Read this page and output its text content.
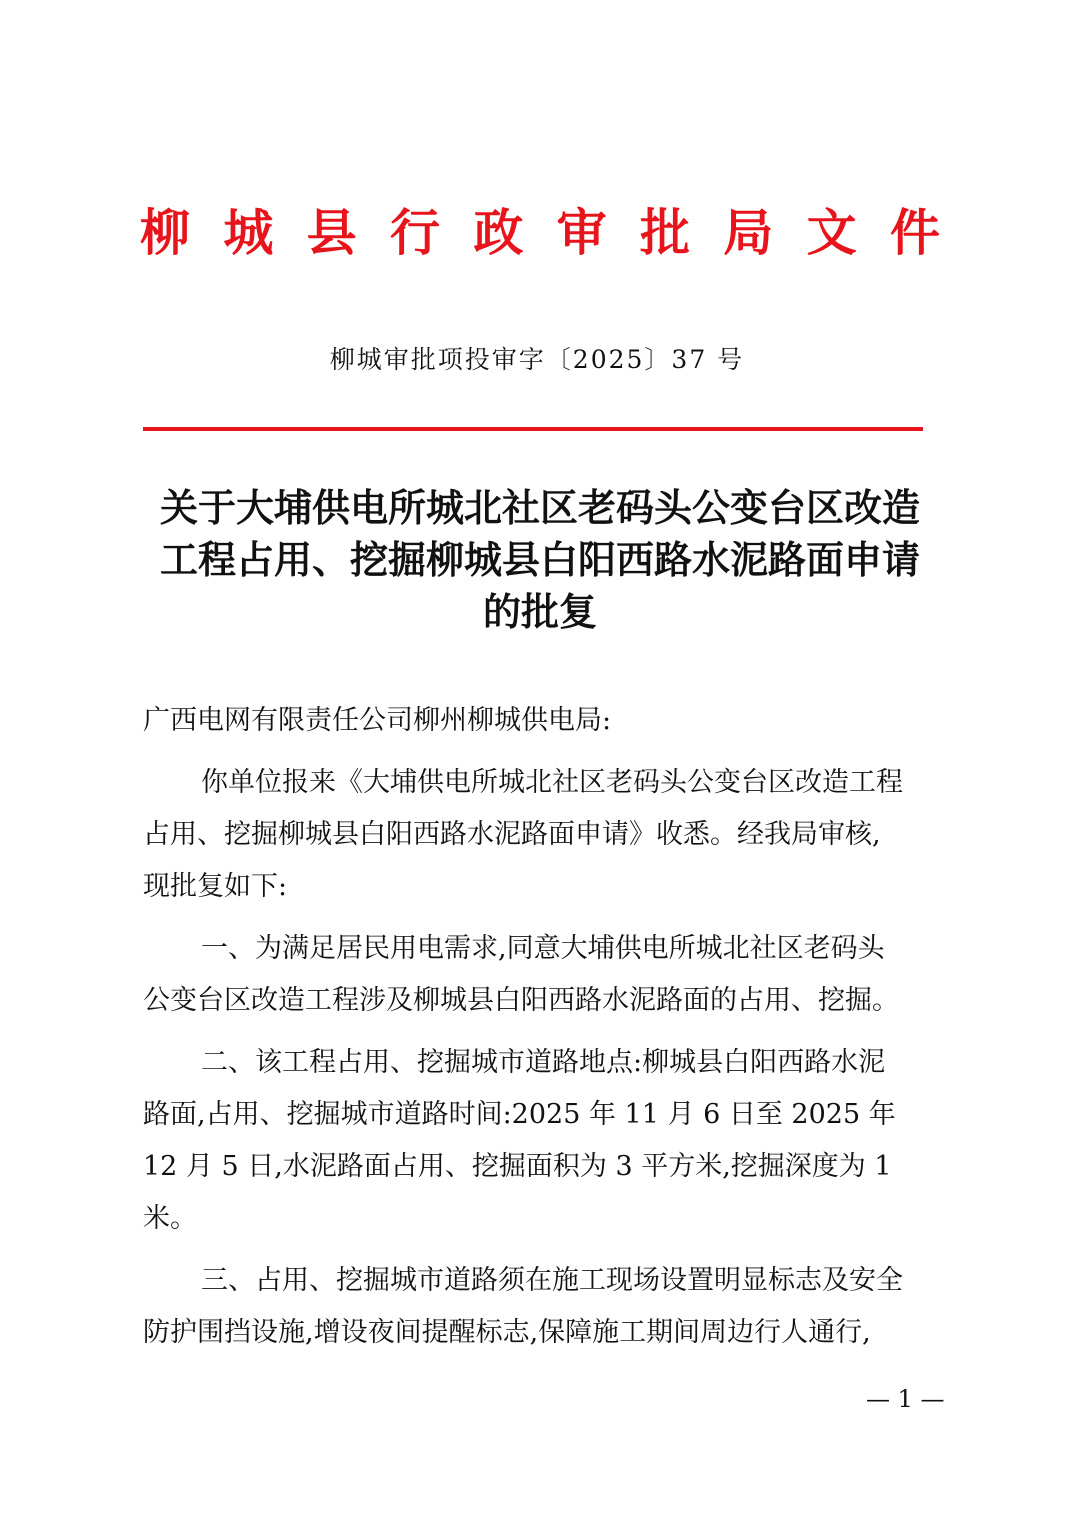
柳 城 县 行 政 审 批 局 文 件
柳城审批项投审字〔2025〕37 号
关于大埔供电所城北社区老码头公变台区改造
工程占用、挖掘柳城县白阳西路水泥路面申请
的批复
广西电网有限责任公司柳州柳城供电局:
你单位报来《大埔供电所城北社区老码头公变台区改造工程
占用、挖掘柳城县白阳西路水泥路面申请》收悉。经我局审核,
现批复如下:
一、为满足居民用电需求,同意大埔供电所城北社区老码头
公变台区改造工程涉及柳城县白阳西路水泥路面的占用、挖掘。
二、该工程占用、挖掘城市道路地点:柳城县白阳西路水泥
路面,占用、挖掘城市道路时间:2025 年 11 月 6 日至 2025 年
12 月 5 日,水泥路面占用、挖掘面积为 3 平方米,挖掘深度为 1
米。
三、占用、挖掘城市道路须在施工现场设置明显标志及安全
防护围挡设施,增设夜间提醒标志,保障施工期间周边行人通行,
— 1 —
